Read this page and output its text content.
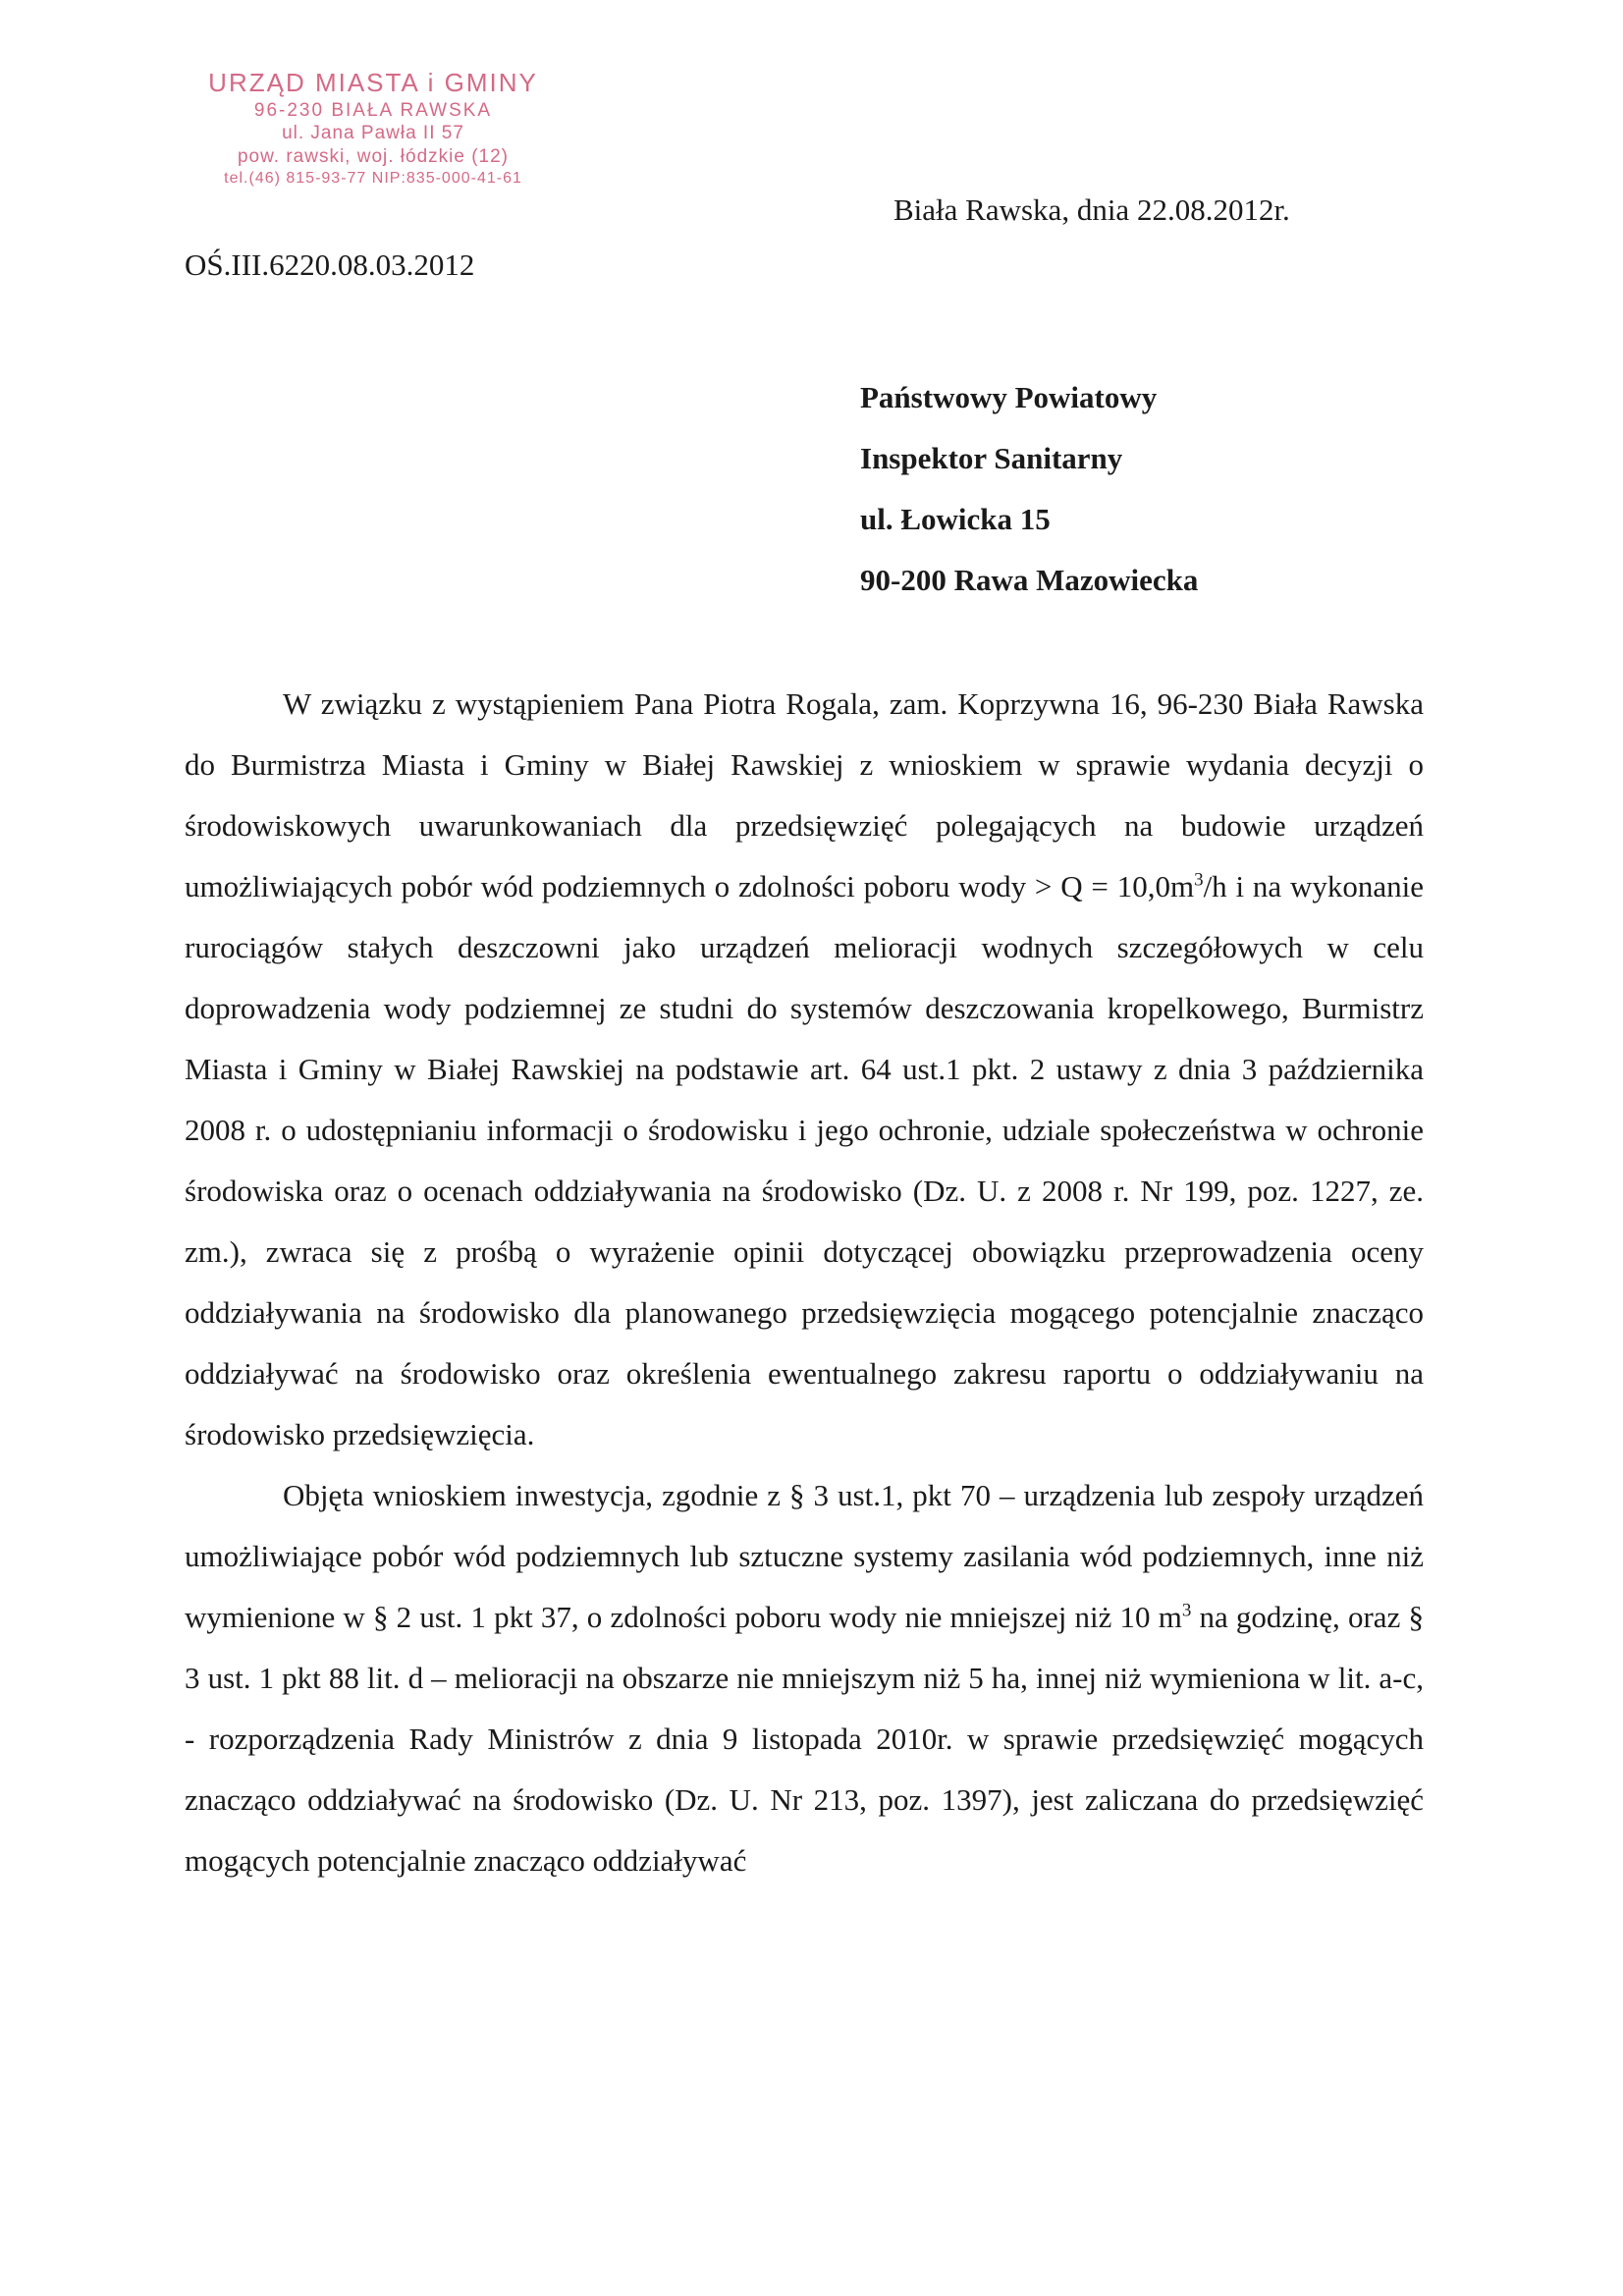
URZĄD MIASTA i GMINY
96-230 BIAŁA RAWSKA
ul. Jana Pawła II 57
pow. rawski, woj. łódzkie (12)
tel.(46) 815-93-77 NIP:835-000-41-61
Biała Rawska, dnia 22.08.2012r.
OŚ.III.6220.08.03.2012
Państwowy Powiatowy
Inspektor Sanitarny
ul. Łowicka 15
90-200 Rawa Mazowiecka

W związku z wystąpieniem Pana Piotra Rogala, zam. Koprzywna 16, 96-230 Biała Rawska do Burmistrza Miasta i Gminy w Białej Rawskiej z wnioskiem w sprawie wydania decyzji o środowiskowych uwarunkowaniach dla przedsięwzięć polegających na budowie urządzeń umożliwiających pobór wód podziemnych o zdolności poboru wody > $Q = 10,0m^3/h$ i na wykonanie rurociągów stałych deszczowni jako urządzeń melioracji wodnych szczegółowych w celu doprowadzenia wody podziemnej ze studni do systemów deszczowania kropelkowego, Burmistrz Miasta i Gminy w Białej Rawskiej na podstawie art. 64 ust.1 pkt. 2 ustawy z dnia 3 października 2008 r. o udostępnianiu informacji o środowisku i jego ochronie, udziale społeczeństwa w ochronie środowiska oraz o ocenach oddziaływania na środowisko (Dz. U. z 2008 r. Nr 199, poz. 1227, ze. zm.), zwraca się z prośbą o wyrażenie opinii dotyczącej obowiązku przeprowadzenia oceny oddziaływania na środowisko dla planowanego przedsięwzięcia mogącego potencjalnie znacząco oddziaływać na środowisko oraz określenia ewentualnego zakresu raportu o oddziaływaniu na środowisko przedsięwzięcia.

Objęta wnioskiem inwestycja, zgodnie z § 3 ust.1, pkt 70 – urządzenia lub zespoły urządzeń umożliwiające pobór wód podziemnych lub sztuczne systemy zasilania wód podziemnych, inne niż wymienione w § 2 ust. 1 pkt 37, o zdolności poboru wody nie mniejszej niż 10 $m^3$ na godzinę, oraz § 3 ust. 1 pkt 88 lit. d – melioracji na obszarze nie mniejszym niż 5 ha, innej niż wymieniona w lit. a-c, - rozporządzenia Rady Ministrów z dnia 9 listopada 2010r. w sprawie przedsięwzięć mogących znacząco oddziaływać na środowisko (Dz. U. Nr 213, poz. 1397), jest zaliczana do przedsięwzięć mogących potencjalnie znacząco oddziaływać
